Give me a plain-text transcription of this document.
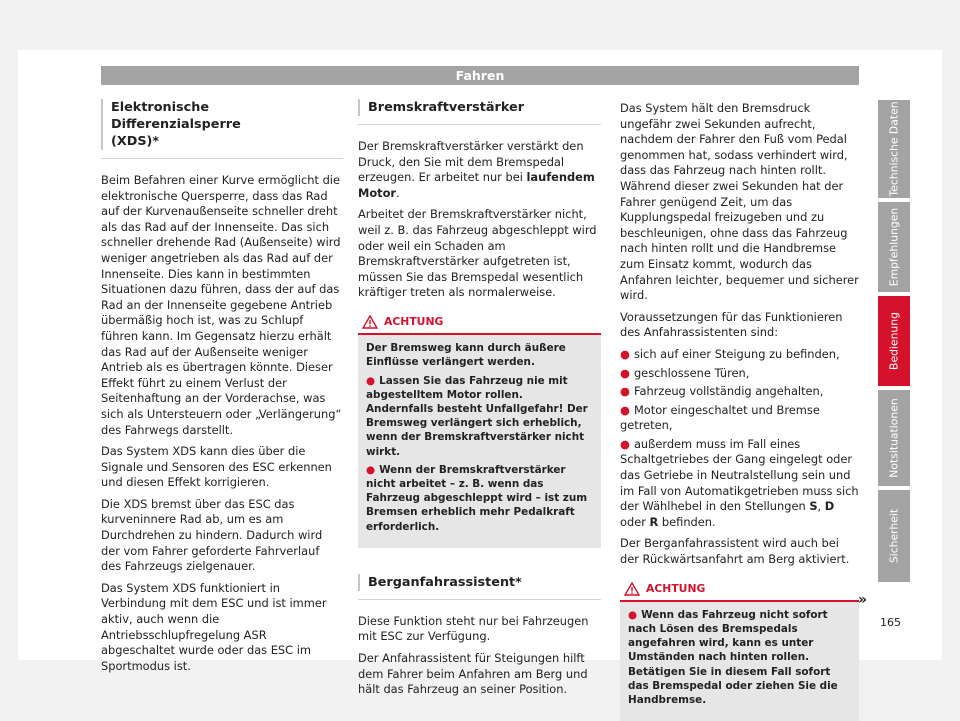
Fahren
Elektronische Differenzialsperre
(XDS)*

Beim Befahren einer Kurve ermöglicht die elektronische Quersperre, dass das Rad auf der Kurvenaußenseite schneller dreht als das Rad auf der Innenseite. Das sich schneller drehende Rad (Außenseite) wird weniger angetrieben als das Rad auf der Innenseite. Dies kann in bestimmten Situationen dazu führen, dass der auf das Rad an der Innenseite gegebene Antrieb übermäßig hoch ist, was zu Schlupf führen kann. Im Gegensatz hierzu erhält das Rad auf der Außenseite weniger Antrieb als es übertragen könnte. Dieser Effekt führt zu einem Verlust der Seitenhaftung an der Vorderachse, was sich als Untersteuern oder „Verlängerung“ des Fahrwegs darstellt.

Das System XDS kann dies über die Signale und Sensoren des ESC erkennen und diesen Effekt korrigieren.

Die XDS bremst über das ESC das kurveninnere Rad ab, um es am Durchdrehen zu hindern. Dadurch wird der vom Fahrer geforderte Fahrverlauf des Fahrzeugs zielgenauer.

Das System XDS funktioniert in Verbindung mit dem ESC und ist immer aktiv, auch wenn die Antriebsschlupfregelung ASR abgeschaltet wurde oder das ESC im Sportmodus ist.

Bremskraftverstärker

Der Bremskraftverstärker verstärkt den Druck, den Sie mit dem Bremspedal erzeugen. Er arbeitet nur bei laufendem Motor.

Arbeitet der Bremskraftverstärker nicht, weil z. B. das Fahrzeug abgeschleppt wird oder weil ein Schaden am Bremskraftverstärker aufgetreten ist, müssen Sie das Bremspedal wesentlich kräftiger treten als normalerweise.

ACHTUNG

Der Bremsweg kann durch äußere Einflüsse verlängert werden.

● Lassen Sie das Fahrzeug nie mit abgestelltem Motor rollen. Andernfalls besteht Unfallgefahr! Der Bremsweg verlängert sich erheblich, wenn der Bremskraftverstärker nicht wirkt.

● Wenn der Bremskraftverstärker nicht arbeitet – z. B. wenn das Fahrzeug abgeschleppt wird – ist zum Bremsen erheblich mehr Pedalkraft erforderlich.

Berganfahrassistent*

Diese Funktion steht nur bei Fahrzeugen mit ESC zur Verfügung.

Der Anfahrassistent für Steigungen hilft dem Fahrer beim Anfahren am Berg und hält das Fahrzeug an seiner Position.

Das System hält den Bremsdruck ungefähr zwei Sekunden aufrecht, nachdem der Fahrer den Fuß vom Pedal genommen hat, sodass verhindert wird, dass das Fahrzeug nach hinten rollt. Während dieser zwei Sekunden hat der Fahrer genügend Zeit, um das Kupplungspedal freizugeben und zu beschleunigen, ohne dass das Fahrzeug nach hinten rollt und die Handbremse zum Einsatz kommt, wodurch das Anfahren leichter, bequemer und sicherer wird.

Voraussetzungen für das Funktionieren des Anfahrassistenten sind:

● sich auf einer Steigung zu befinden,
● geschlossene Türen,
● Fahrzeug vollständig angehalten,
● Motor eingeschaltet und Bremse getreten,
● außerdem muss im Fall eines Schaltgetriebes der Gang eingelegt oder das Getriebe in Neutralstellung sein und im Fall von Automatikgetrieben muss sich der Wählhebel in den Stellungen S, D oder R befinden.

Der Berganfahrassistent wird auch bei der Rückwärtsanfahrt am Berg aktiviert.

ACHTUNG

● Wenn das Fahrzeug nicht sofort nach Lösen des Bremspedals angefahren wird, kann es unter Umständen nach hinten rollen. Betätigen Sie in diesem Fall sofort das Bremspedal oder ziehen Sie die Handbremse.

Technische Daten
Empfehlungen
Bedienung
Notsituationen
Sicherheit
»
165
